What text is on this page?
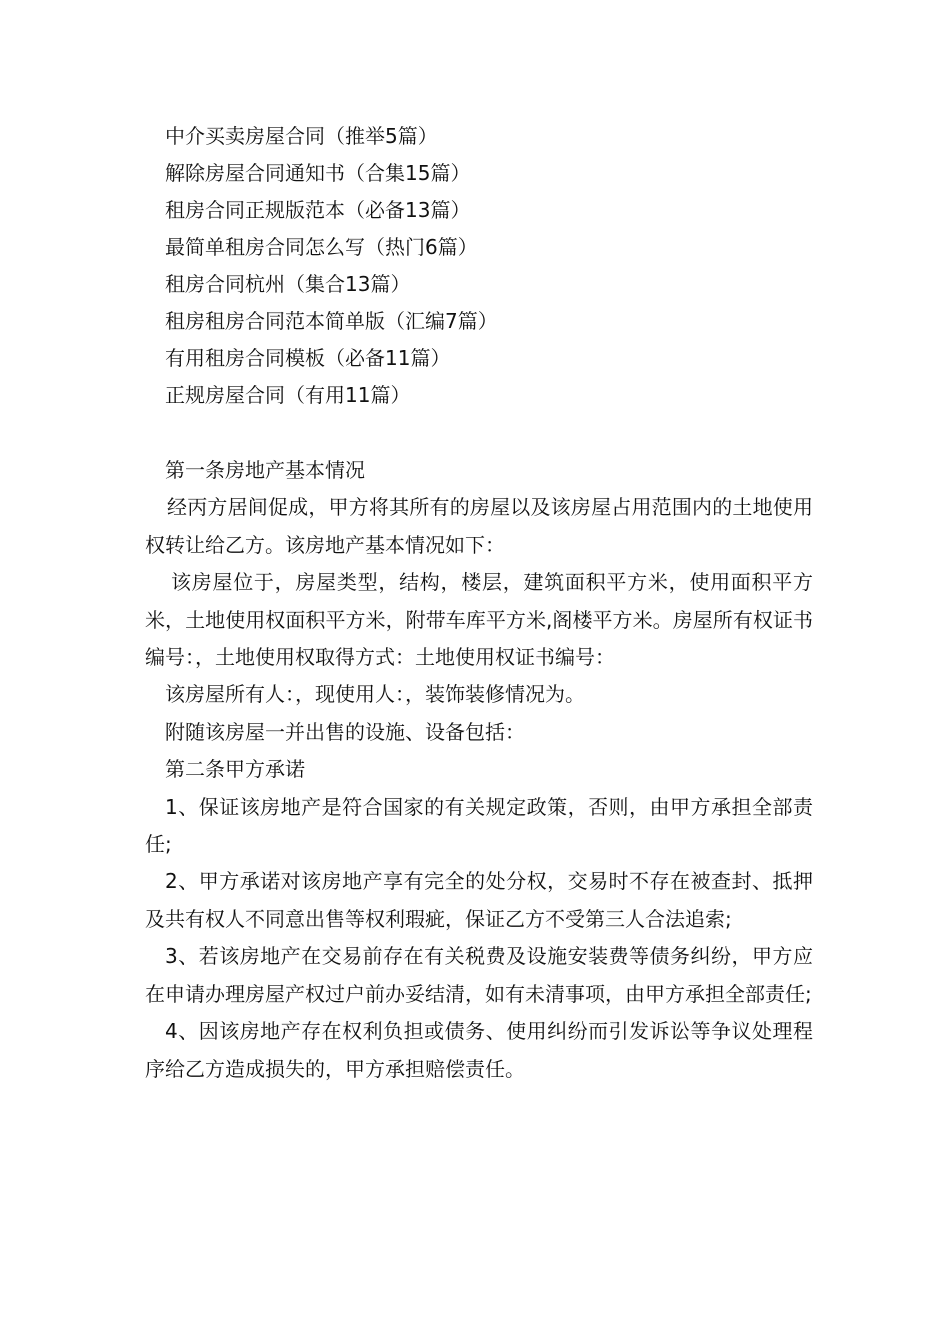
中介买卖房屋合同（推举5篇）
解除房屋合同通知书（合集15篇）
租房合同正规版范本（必备13篇）
最简单租房合同怎么写（热门6篇）
租房合同杭州（集合13篇）
租房租房合同范本简单版（汇编7篇）
有用租房合同模板（必备11篇）
正规房屋合同（有用11篇）

第一条房地产基本情况

经丙方居间促成，甲方将其所有的房屋以及该房屋占用范围内的土地使用权转让给乙方。该房地产基本情况如下：

该房屋位于，房屋类型，结构，楼层，建筑面积平方米，使用面积平方米，土地使用权面积平方米，附带车库平方米,阁楼平方米。房屋所有权证书编号：，土地使用权取得方式：土地使用权证书编号：

该房屋所有人：，现使用人：，装饰装修情况为。

附随该房屋一并出售的设施、设备包括：

第二条甲方承诺

1、保证该房地产是符合国家的有关规定政策，否则，由甲方承担全部责任;

2、甲方承诺对该房地产享有完全的处分权，交易时不存在被查封、抵押及共有权人不同意出售等权利瑕疵，保证乙方不受第三人合法追索;

3、若该房地产在交易前存在有关税费及设施安装费等债务纠纷，甲方应在申请办理房屋产权过户前办妥结清，如有未清事项，由甲方承担全部责任;

4、因该房地产存在权利负担或债务、使用纠纷而引发诉讼等争议处理程序给乙方造成损失的，甲方承担赔偿责任。
